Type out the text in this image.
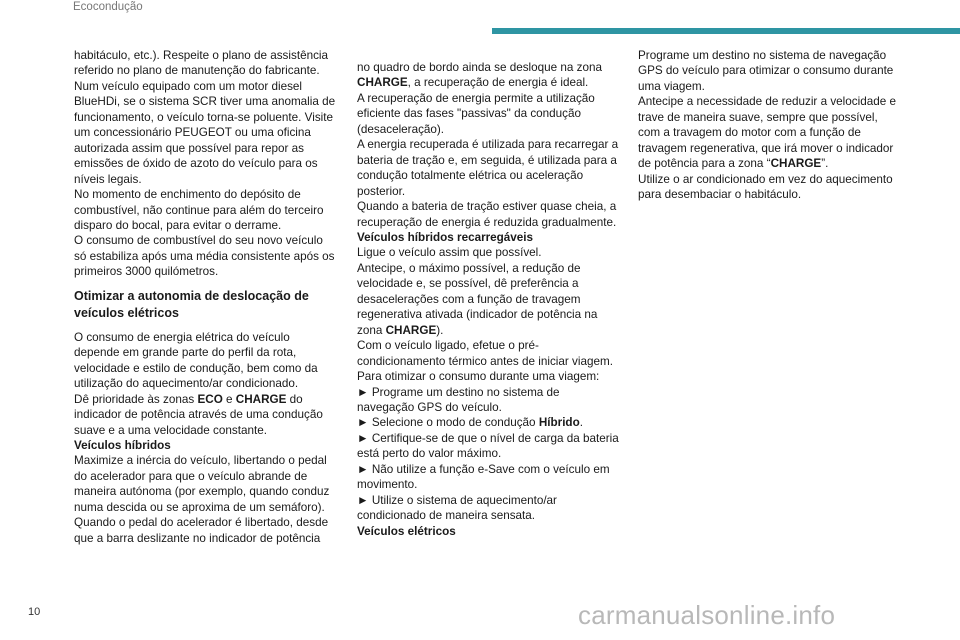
Ecocondução

habitáculo, etc.). Respeite o plano de assistência referido no plano de manutenção do fabricante.

Num veículo equipado com um motor diesel BlueHDi, se o sistema SCR tiver uma anomalia de funcionamento, o veículo torna-se poluente. Visite um concessionário PEUGEOT ou uma oficina autorizada assim que possível para repor as emissões de óxido de azoto do veículo para os níveis legais.

No momento de enchimento do depósito de combustível, não continue para além do terceiro disparo do bocal, para evitar o derrame.

O consumo de combustível do seu novo veículo só estabiliza após uma média consistente após os primeiros 3000 quilómetros.

Otimizar a autonomia de deslocação de veículos elétricos

O consumo de energia elétrica do veículo depende em grande parte do perfil da rota, velocidade e estilo de condução, bem como da utilização do aquecimento/ar condicionado.

Dê prioridade às zonas ECO e CHARGE do indicador de potência através de uma condução suave e a uma velocidade constante.

Veículos híbridos

Maximize a inércia do veículo, libertando o pedal do acelerador para que o veículo abrande de maneira autónoma (por exemplo, quando conduz numa descida ou se aproxima de um semáforo).

Quando o pedal do acelerador é libertado, desde que a barra deslizante no indicador de potência

no quadro de bordo ainda se desloque na zona CHARGE, a recuperação de energia é ideal.

A recuperação de energia permite a utilização eficiente das fases "passivas" da condução (desaceleração).

A energia recuperada é utilizada para recarregar a bateria de tração e, em seguida, é utilizada para a condução totalmente elétrica ou aceleração posterior.

Quando a bateria de tração estiver quase cheia, a recuperação de energia é reduzida gradualmente.

Veículos híbridos recarregáveis

Ligue o veículo assim que possível.

Antecipe, o máximo possível, a redução de velocidade e, se possível, dê preferência a desacelerações com a função de travagem regenerativa ativada (indicador de potência na zona CHARGE).

Com o veículo ligado, efetue o pré-condicionamento térmico antes de iniciar viagem.

Para otimizar o consumo durante uma viagem:

► Programe um destino no sistema de navegação GPS do veículo.

► Selecione o modo de condução Híbrido.

► Certifique-se de que o nível de carga da bateria está perto do valor máximo.

► Não utilize a função e-Save com o veículo em movimento.

► Utilize o sistema de aquecimento/ar condicionado de maneira sensata.

Veículos elétricos

Programe um destino no sistema de navegação GPS do veículo para otimizar o consumo durante uma viagem.

Antecipe a necessidade de reduzir a velocidade e trave de maneira suave, sempre que possível, com a travagem do motor com a função de travagem regenerativa, que irá mover o indicador de potência para a zona “CHARGE”.

Utilize o ar condicionado em vez do aquecimento para desembaciar o habitáculo.

10	carmanualsonline.info
